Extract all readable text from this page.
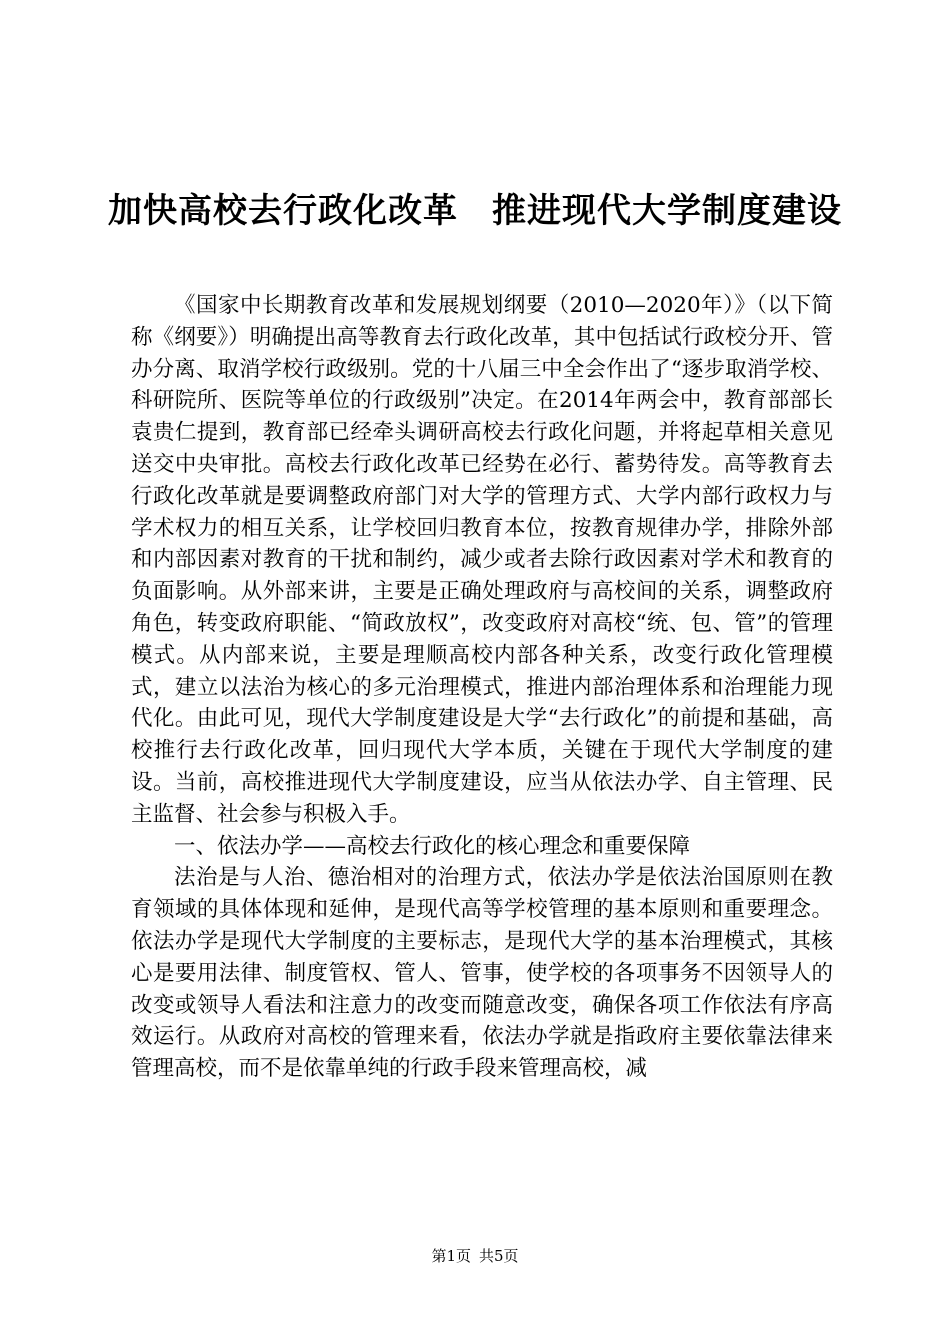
加快高校去行政化改革 推进现代大学制度建设

《国家中长期教育改革和发展规划纲要（2010—2020年）》（以下简称《纲要》）明确提出高等教育去行政化改革，其中包括试行政校分开、管办分离、取消学校行政级别。党的十八届三中全会作出了“逐步取消学校、科研院所、医院等单位的行政级别”决定。在2014年两会中，教育部部长袁贵仁提到，教育部已经牵头调研高校去行政化问题，并将起草相关意见送交中央审批。高校去行政化改革已经势在必行、蓄势待发。高等教育去行政化改革就是要调整政府部门对大学的管理方式、大学内部行政权力与学术权力的相互关系，让学校回归教育本位，按教育规律办学，排除外部和内部因素对教育的干扰和制约，减少或者去除行政因素对学术和教育的负面影响。从外部来讲，主要是正确处理政府与高校间的关系，调整政府角色，转变政府职能、“简政放权”，改变政府对高校“统、包、管”的管理模式。从内部来说，主要是理顺高校内部各种关系，改变行政化管理模式，建立以法治为核心的多元治理模式，推进内部治理体系和治理能力现代化。由此可见，现代大学制度建设是大学“去行政化”的前提和基础，高校推行去行政化改革，回归现代大学本质，关键在于现代大学制度的建设。当前，高校推进现代大学制度建设，应当从依法办学、自主管理、民主监督、社会参与积极入手。

一、依法办学——高校去行政化的核心理念和重要保障

法治是与人治、德治相对的治理方式，依法办学是依法治国原则在教育领域的具体体现和延伸，是现代高等学校管理的基本原则和重要理念。依法办学是现代大学制度的主要标志，是现代大学的基本治理模式，其核心是要用法律、制度管权、管人、管事，使学校的各项事务不因领导人的改变或领导人看法和注意力的改变而随意改变，确保各项工作依法有序高效运行。从政府对高校的管理来看，依法办学就是指政府主要依靠法律来管理高校，而不是依靠单纯的行政手段来管理高校，减

第1页 共5页
